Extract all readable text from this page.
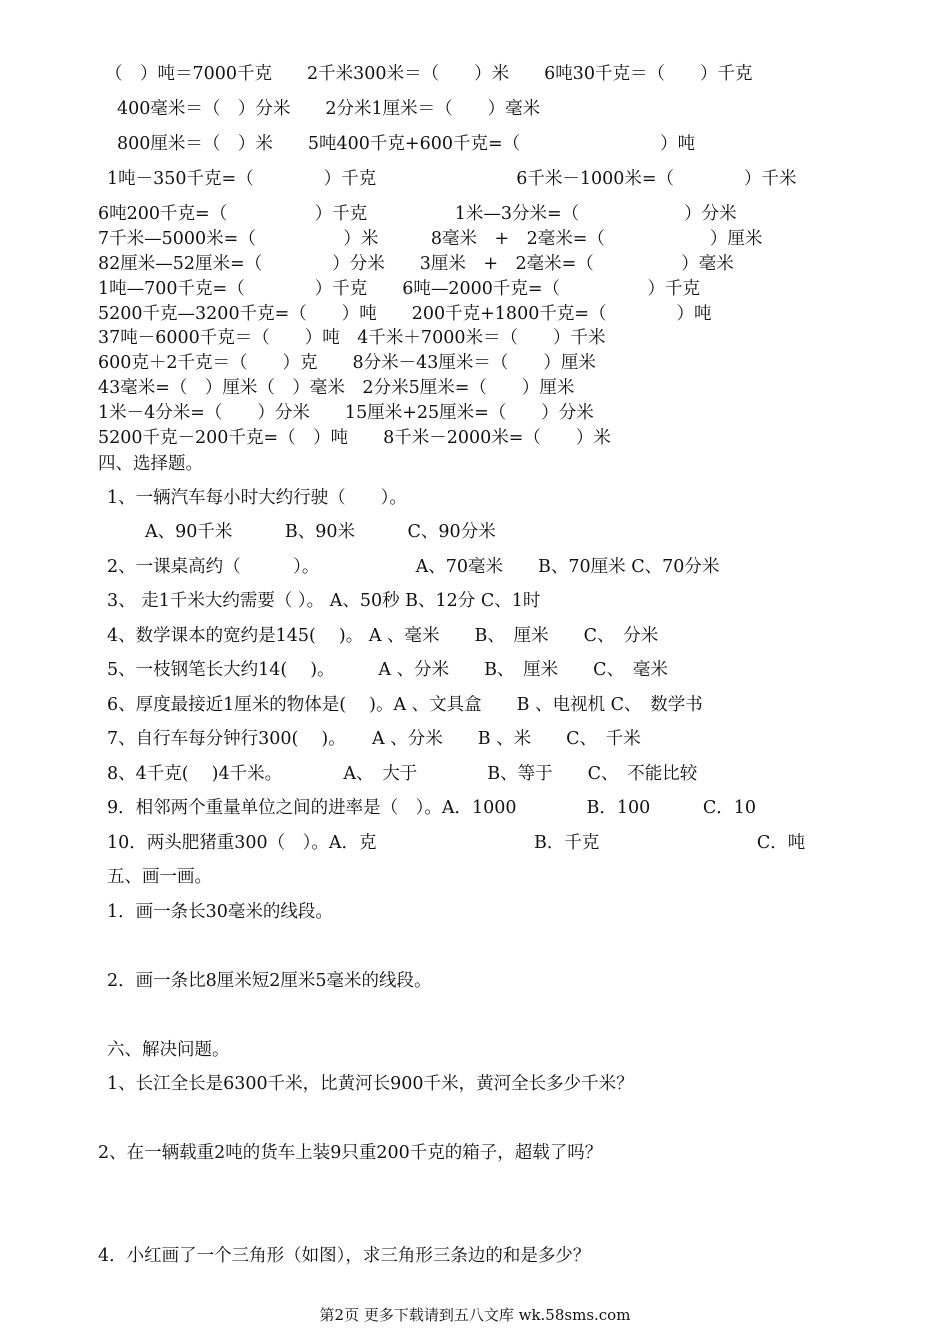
（　）吨＝7000千克　　2千米300米＝（　　）米　　6吨30千克＝（　　）千克
400毫米＝（　）分米　　2分米1厘米＝（　　）毫米
800厘米＝（　）米　　5吨400千克+600千克=（　　　　　　　　）吨
1吨－350千克=（　　　　）千克　　　　　　　　6千米－1000米=（　　　　）千米
6吨200千克=（　　　　　）千克　　　　　1米—3分米=（　　　　　　）分米
7千米—5000米=（　　　　　）米　　　8毫米　+　2毫米=（　　　　　　）厘米
82厘米—52厘米=（　　　　）分米　　3厘米　+　2毫米=（　　　　　）毫米
1吨—700千克=（　　　　）千克　　6吨—2000千克=（　　　　　）千克
5200千克—3200千克=（　　）吨　　200千克+1800千克=（　　　　）吨
37吨－6000千克＝（　　）吨　4千米＋7000米＝（　　）千米
600克＋2千克＝（　　）克　　8分米－43厘米＝（　　）厘米
43毫米=（　）厘米（　）毫米　2分米5厘米=（　　）厘米
1米－4分米=（　　）分米　　15厘米+25厘米=（　　）分米
5200千克－200千克=（　）吨　　8千米－2000米=（　　）米
四、选择题。
1、一辆汽车每小时大约行驶（　　）。
A、90千米　　　B、90米　　　C、90分米
2、一课桌高约（　　　）。　　　　　　A、70毫米　　B、70厘米 C、70分米
3、 走1千米大约需要（ ）。 A、50秒 B、12分 C、1时
4、数学课本的宽约是145(　 )。 A 、毫米　　B、　厘米　　C、　分米
5、一枝钢笔长大约14(　 )。　　　A 、分米　　B、　厘米　　C、　毫米
6、厚度最接近1厘米的物体是(　 )。A 、文具盒　　B 、电视机 C、　数学书
7、自行车每分钟行300(　 )。　　A 、分米　　B 、米　　C、　千米
8、4千克(　 )4千米。　　　　A、　大于　　　　B、等于　　C、　不能比较
9．相邻两个重量单位之间的进率是（　）。A．1000　　　　B．100　　　C．10
10．两头肥猪重300（　）。A．克　　　　　　　　　B．千克　　　　　　　　　C．吨
五、画一画。
1．画一条长30毫米的线段。
2．画一条比8厘米短2厘米5毫米的线段。
六、解决问题。
1、长江全长是6300千米，比黄河长900千米，黄河全长多少千米？
2、在一辆载重2吨的货车上装9只重200千克的箱子，超载了吗？
4．小红画了一个三角形（如图），求三角形三条边的和是多少？
第2页 更多下载请到五八文库 wk.58sms.com
